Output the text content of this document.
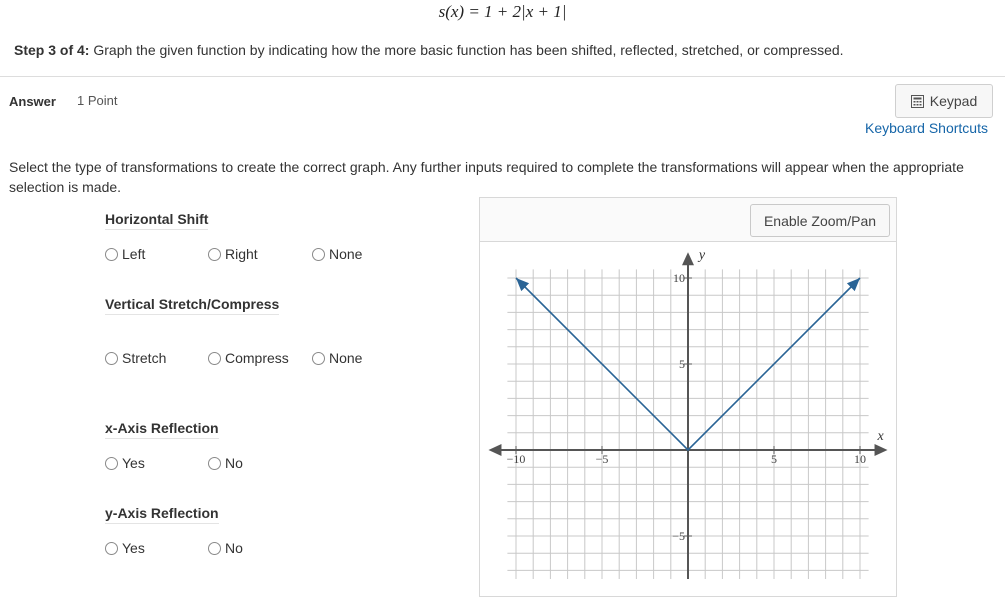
s(x) = 1 + 2|x + 1|
Step 3 of 4: Graph the given function by indicating how the more basic function has been shifted, reflected, stretched, or compressed.
Answer 1 Point	Keypad
Keyboard Shortcuts
Select the type of transformations to create the correct graph. Any further inputs required to complete the transformations will appear when the appropriate selection is made.
Horizontal Shift
Left	Right	None
Vertical Stretch/Compress
Stretch	Compress	None
x-Axis Reflection
Yes	No
y-Axis Reflection
Yes	No
Enable Zoom/Pan
−10	−5	5	10
10
5
−5
x
y
